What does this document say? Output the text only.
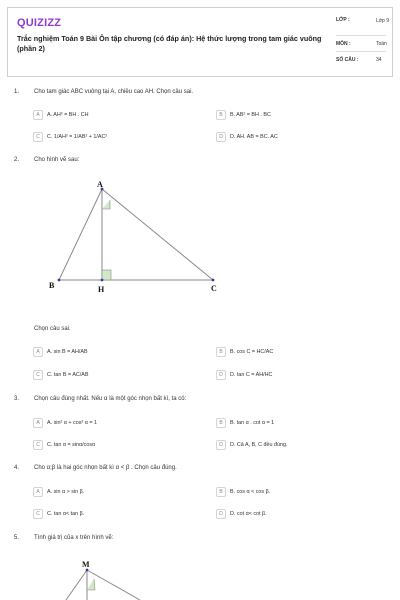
QUIZIZZ
Trắc nghiệm Toán 9 Bài Ôn tập chương (có đáp án): Hệ thức lượng trong tam giác vuông (phần 2)
LỚP :	Lớp 9
MÔN :	Toán
SỐ CÂU :	34
1. Cho tam giác ABC vuông tại A, chiều cao AH. Chọn câu sai.
A	A. AH² = BH . CH	B	B. AB² = BH . BC
C	C. 1/AH² = 1/AB² + 1/AC²	D	D. AH. AB = BC. AC
2. Cho hình vẽ sau:
A
B	H	C
Chọn câu sai.
A	A. sin B = AH/AB	B	B. cos C = HC/AC
C	C. tan B = AC/AB	D	D. tan C = AH/HC
3. Chọn câu đúng nhất. Nếu α là một góc nhọn bất kì, ta có:
A	A. sin² α + cos² α = 1	B	B. tan α . cot α = 1
C	C. tan α = sinα/cosα	D	D. Cả A, B, C đều đúng.
4. Cho α;β là hai góc nhọn bất kì α < β . Chọn câu đúng.
A	A. sin α > sin β.	B	B. cos α < cos β.
C	C. tan α< tan β.	D	D. cot α< cot β.
5. Tính giá trị của x trên hình vẽ:
M
